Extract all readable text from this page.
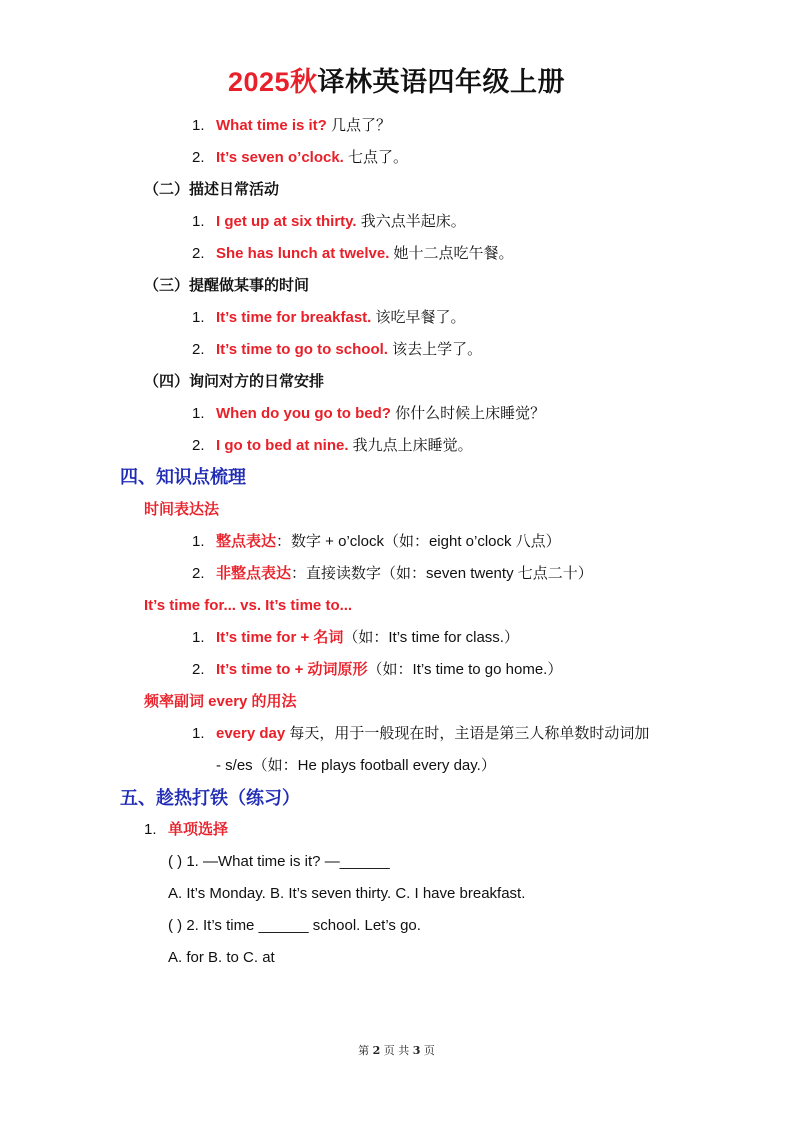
2025秋译林英语四年级上册
1. What time is it? 几点了？
2. It’s seven o’clock. 七点了。
（二）描述日常活动
1. I get up at six thirty. 我六点半起床。
2. She has lunch at twelve. 她十二点吃午餐。
（三）提醒做某事的时间
1. It’s time for breakfast. 该吃早餐了。
2. It’s time to go to school. 该去上学了。
（四）询问对方的日常安排
1. When do you go to bed? 你什么时候上床睡觉？
2. I go to bed at nine. 我九点上床睡觉。
四、知识点梳理
时间表达法
1. 整点表达：数字 + o’clock（如：eight o’clock 八点）
2. 非整点表达：直接读数字（如：seven twenty 七点二十）
It’s time for... vs. It’s time to...
1. It’s time for + 名词（如：It’s time for class.）
2. It’s time to + 动词原形（如：It’s time to go home.）
频率副词 every 的用法
1. every day 每天，用于一般现在时，主语是第三人称单数时动词加
- s/es（如：He plays football every day.）
五、趁热打铁（练习）
1. 单项选择
( ) 1. —What time is it? —______
A. It’s Monday. B. It’s seven thirty. C. I have breakfast.
( ) 2. It’s time ______ school. Let’s go.
A. for B. to C. at
第 2 页 共 3 页
